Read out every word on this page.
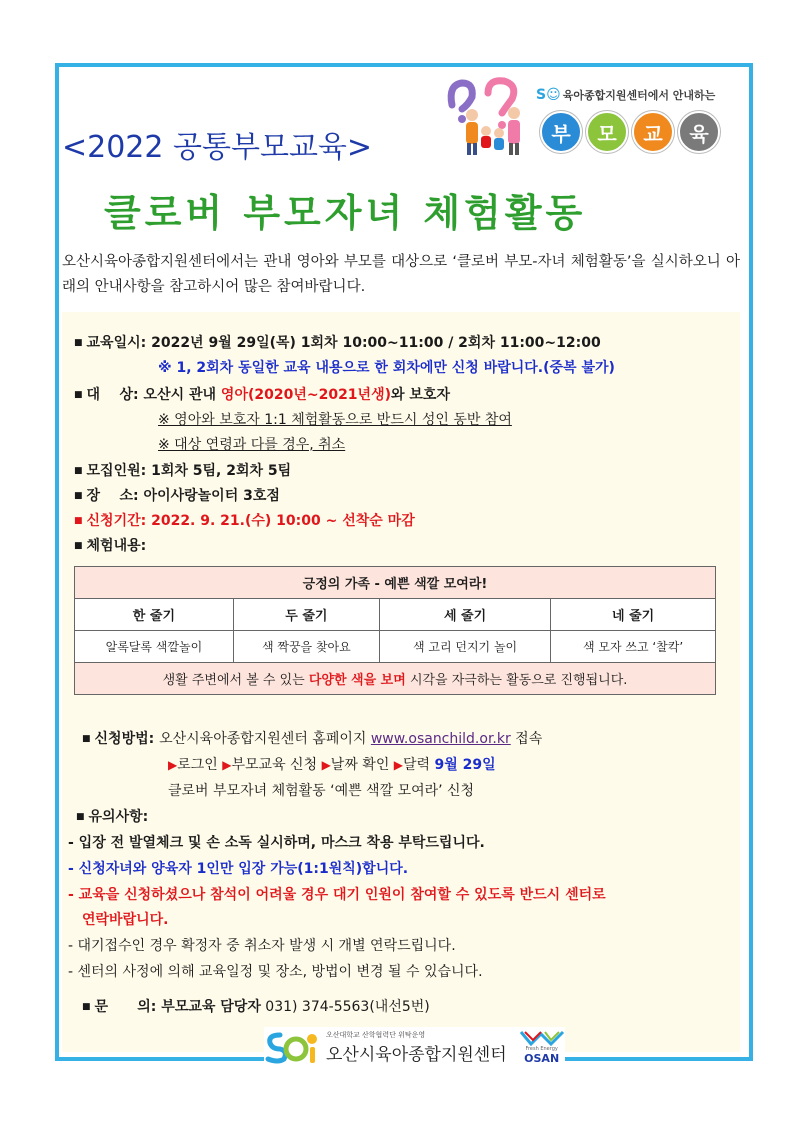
S☺ 육아종합지원센터에서 안내하는
부	모	교	육
<2022 공통부모교육>
클로버 부모자녀 체험활동
오산시육아종합지원센터에서는 관내 영아와 부모를 대상으로 ‘클로버 부모-자녀 체험활동’을 실시하오니 아래의 안내사항을 참고하시어 많은 참여바랍니다.
■ 교육일시: 2022년 9월 29일(목) 1회차 10:00~11:00 / 2회차 11:00~12:00
※ 1, 2회차 동일한 교육 내용으로 한 회차에만 신청 바랍니다.(중복 불가)
■ 대    상: 오산시 관내 영아(2020년~2021년생)와 보호자
※ 영아와 보호자 1:1 체험활동으로 반드시 성인 동반 참여
※ 대상 연령과 다를 경우, 취소
■ 모집인원: 1회차 5팀, 2회차 5팀
■ 장    소: 아이사랑놀이터 3호점
■ 신청기간: 2022. 9. 21.(수) 10:00 ~ 선착순 마감
■ 체험내용:
긍정의 가족 - 예쁜 색깔 모여라!			
한 줄기	두 줄기	세 줄기	네 줄기
알록달록 색깔놀이	색 짝꿍을 찾아요	색 고리 던지기 놀이	색 모자 쓰고 ‘찰칵’
생활 주변에서 볼 수 있는 다양한 색을 보며 시각을 자극하는 활동으로 진행됩니다.			
■ 신청방법: 오산시육아종합지원센터 홈페이지 www.osanchild.or.kr 접속
▶로그인 ▶부모교육 신청 ▶날짜 확인 ▶달력 9월 29일
클로버 부모자녀 체험활동 ‘예쁜 색깔 모여라’ 신청
■ 유의사항:
- 입장 전 발열체크 및 손 소독 실시하며, 마스크 착용 부탁드립니다.
- 신청자녀와 양육자 1인만 입장 가능(1:1원칙)합니다.
- 교육을 신청하셨으나 참석이 어려울 경우 대기 인원이 참여할 수 있도록 반드시 센터로
연락바랍니다.
- 대기접수인 경우 확정자 중 취소자 발생 시 개별 연락드립니다.
- 센터의 사정에 의해 교육일정 및 장소, 방법이 변경 될 수 있습니다.
■ 문      의: 부모교육 담당자 031) 374-5563(내선5번)
오산대학교 산학협력단 위탁운영
오산시육아종합지원센터	Fresh Energy
OSAN
